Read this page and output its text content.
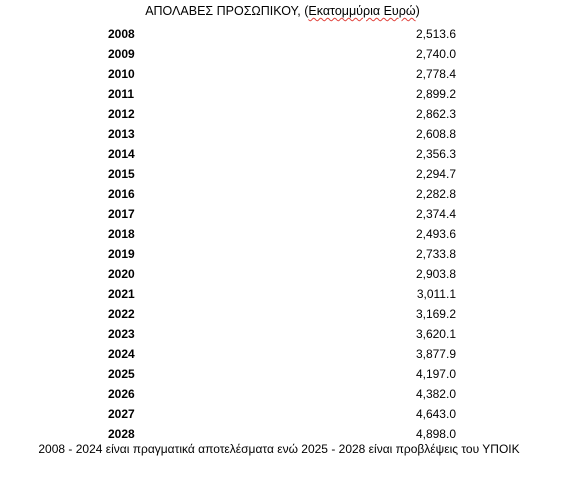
ΑΠΟΛΑΒΕΣ ΠΡΟΣΩΠΙΚΟΥ, (Εκατομμύρια Ευρώ)
2008	2,513.6
2009	2,740.0
2010	2,778.4
2011	2,899.2
2012	2,862.3
2013	2,608.8
2014	2,356.3
2015	2,294.7
2016	2,282.8
2017	2,374.4
2018	2,493.6
2019	2,733.8
2020	2,903.8
2021	3,011.1
2022	3,169.2
2023	3,620.1
2024	3,877.9
2025	4,197.0
2026	4,382.0
2027	4,643.0
2028	4,898.0
2008 - 2024 είναι πραγματικά αποτελέσματα ενώ 2025 - 2028 είναι προβλέψεις του ΥΠΟΙΚ
